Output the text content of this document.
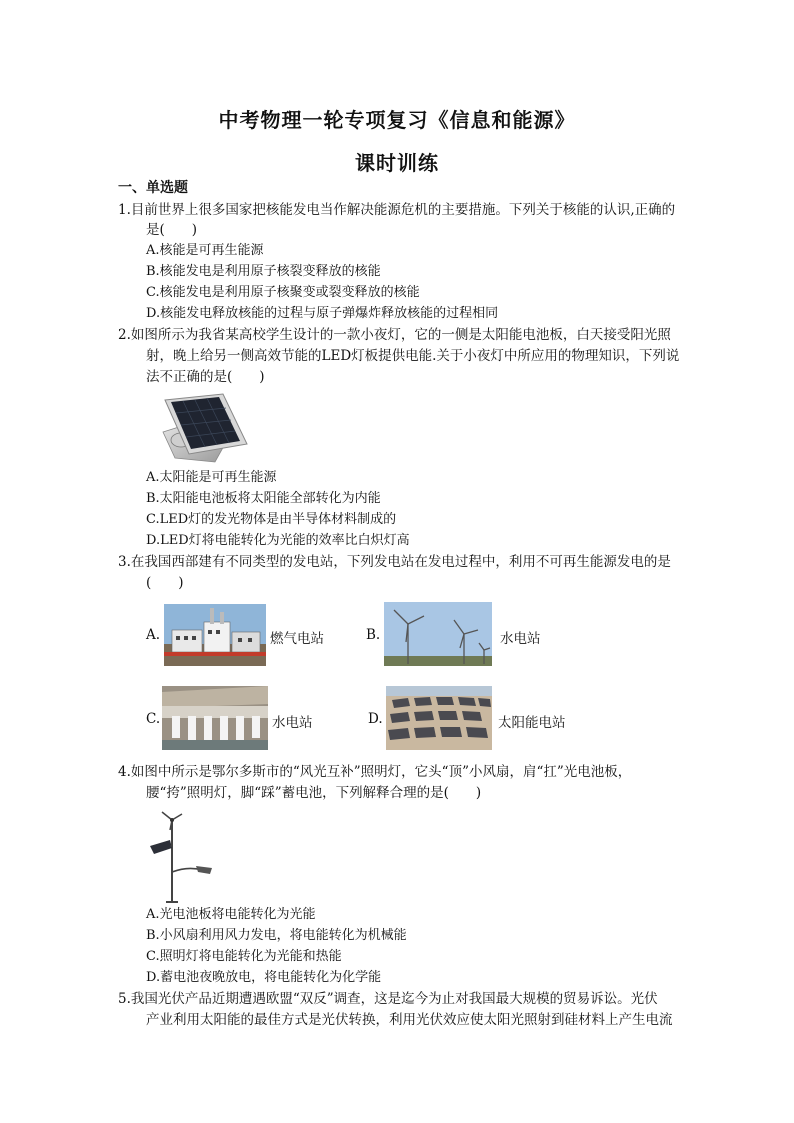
中考物理一轮专项复习《信息和能源》
课时训练
一、单选题
1.目前世界上很多国家把核能发电当作解决能源危机的主要措施。下列关于核能的认识,正确的
是(　　)
A.核能是可再生能源
B.核能发电是利用原子核裂变释放的核能
C.核能发电是利用原子核聚变或裂变释放的核能
D.核能发电释放核能的过程与原子弹爆炸释放核能的过程相同
2.如图所示为我省某高校学生设计的一款小夜灯，它的一侧是太阳能电池板，白天接受阳光照
射，晚上给另一侧高效节能的LED灯板提供电能.关于小夜灯中所应用的物理知识，下列说
法不正确的是(　　)
A.太阳能是可再生能源
B.太阳能电池板将太阳能全部转化为内能
C.LED灯的发光物体是由半导体材料制成的
D.LED灯将电能转化为光能的效率比白炽灯高
3.在我国西部建有不同类型的发电站，下列发电站在发电过程中，利用不可再生能源发电的是
(　　)
A.	燃气电站	B.	水电站
C.	水电站	D.	太阳能电站
4.如图中所示是鄂尔多斯市的“风光互补”照明灯，它头“顶”小风扇，肩“扛”光电池板，
腰“挎”照明灯，脚“踩”蓄电池，下列解释合理的是(　　)
A.光电池板将电能转化为光能
B.小风扇利用风力发电，将电能转化为机械能
C.照明灯将电能转化为光能和热能
D.蓄电池夜晚放电，将电能转化为化学能
5.我国光伏产品近期遭遇欧盟“双反”调查，这是迄今为止对我国最大规模的贸易诉讼。光伏
产业利用太阳能的最佳方式是光伏转换，利用光伏效应使太阳光照射到硅材料上产生电流
